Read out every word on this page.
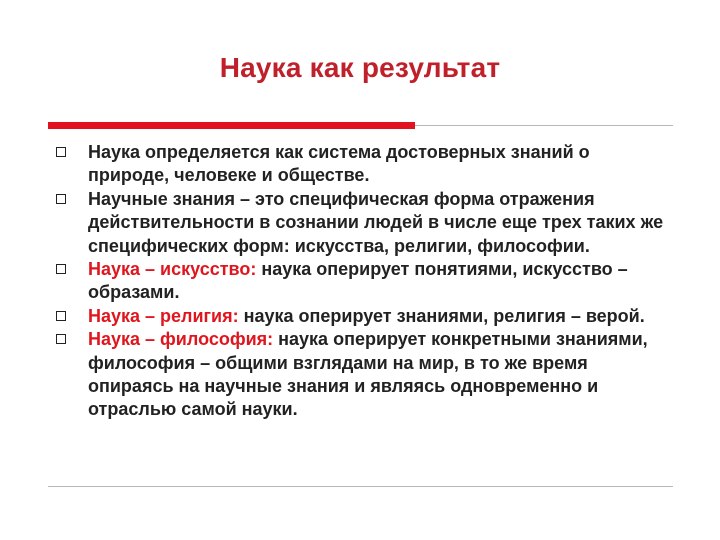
Наука как результат
Наука определяется как система достоверных знаний о природе, человеке и обществе.
Научные знания – это специфическая форма отражения действительности в сознании людей в числе еще трех таких же специфических форм: искусства, религии, философии.
Наука – искусство: наука оперирует понятиями, искусство – образами.
Наука – религия: наука оперирует знаниями, религия – верой.
Наука – философия: наука оперирует конкретными знаниями, философия – общими взглядами на мир, в то же время опираясь на научные знания и являясь одновременно и отраслью самой науки.
